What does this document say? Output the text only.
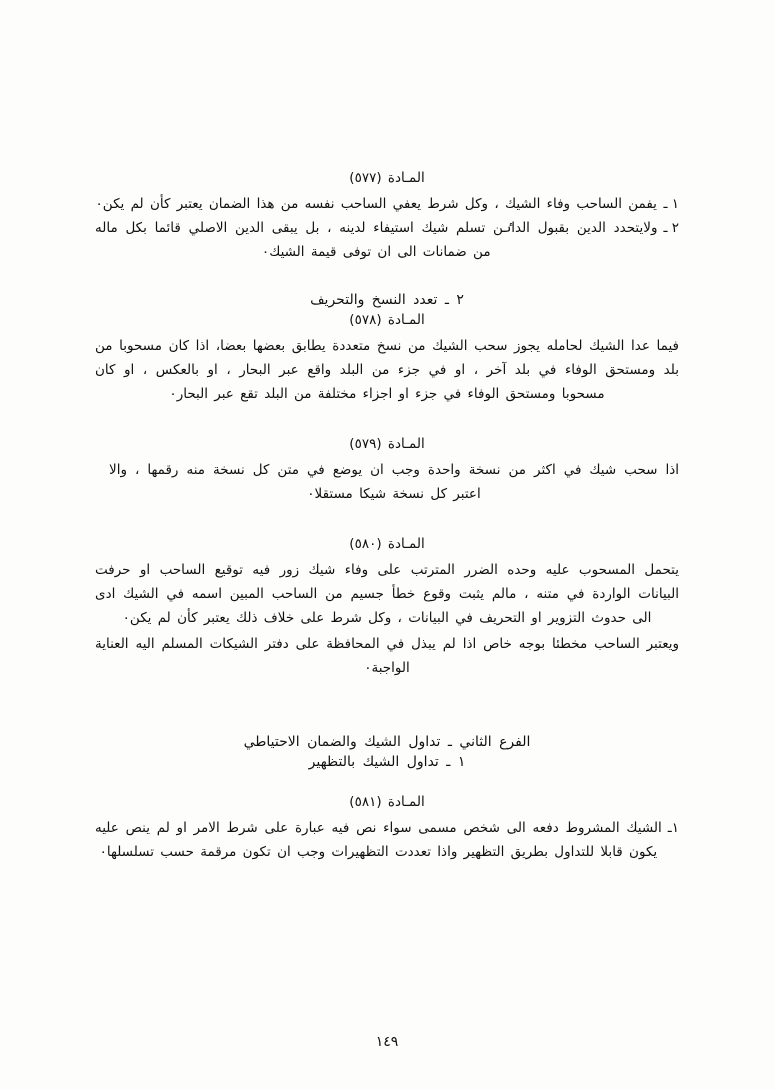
المـادة (٥٧٧)
١ ـ
يفمن الساحب وفاء الشيك ، وكل شرط يعفي الساحب نفسه من هذا الضمان يعتبر كأن لم يكن٠
٢ ـ
ولايتحدد الدين بقبول الداٸن تسلم شيك استيفاء لدينه ، بل يبقى الدين الاصلي قائما بكل ماله من ضمانات الى ان توفى قيمة الشيك٠
٢ ـ تعدد النسخ والتحريف
المـادة (٥٧٨)
فيما عدا الشيك لحامله يجوز سحب الشيك من نسخ متعددة يطابق بعضها بعضا، اذا كان مسحوبا من بلد ومستحق الوفاء في بلد آخر ، او في جزء من البلد واقع عبر البحار ، او بالعكس ، او كان مسحوبا ومستحق الوفاء في جزء او اجزاء مختلفة من البلد تقع عبر البحار٠
المـادة (٥٧٩)
اذا سحب شيك في اكثر من نسخة واحدة وجب ان يوضع في متن كل نسخة منه رقمها ، والا اعتبر كل نسخة شيكا مستقلا٠
المـادة (٥٨٠)
يتحمل المسحوب عليه وحده الضرر المترتب على وفاء شيك زور فيه توقيع الساحب او حرفت البيانات الواردة في متنه ، مالم يثبت وقوع خطأ جسيم من الساحب المبين اسمه في الشيك ادى الى حدوث التزوير او التحريف في البيانات ، وكل شرط على خلاف ذلك يعتبر كأن لم يكن٠
ويعتبر الساحب مخطئا بوجه خاص اذا لم يبذل في المحافظة على دفتر الشيكات المسلم اليه العناية الواجبة٠
الفرع الثاني ـ تداول الشيك والضمان الاحتياطي
١ ـ تداول الشيك بالتظهير
المـادة (٥٨١)
١ـ
الشيك المشروط دفعه الى شخص مسمى سواء نص فيه عبارة على شرط الامر او لم ينص عليه يكون قابلا للتداول بطريق التظهير واذا تعددت التظهيرات وجب ان تكون مرقمة حسب تسلسلها٠
١٤٩
